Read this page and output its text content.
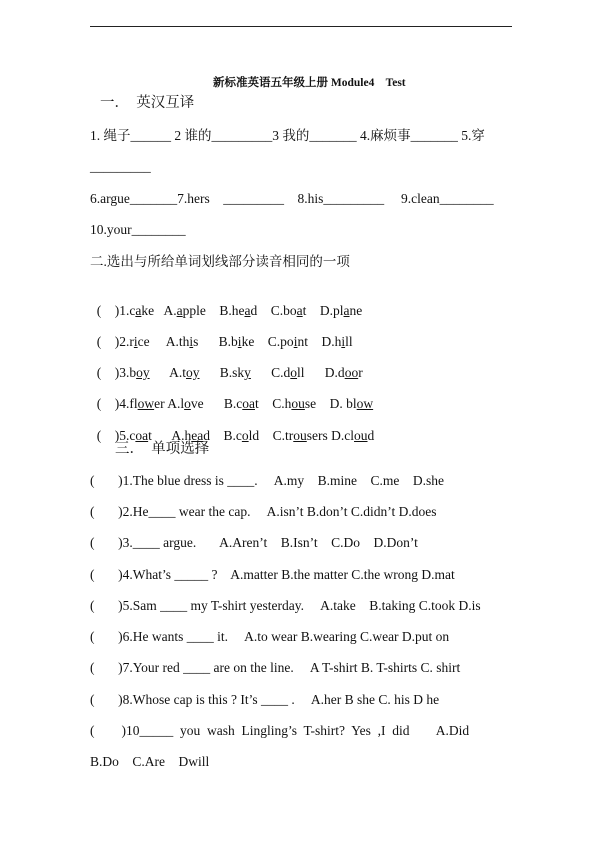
新标准英语五年级上册 Module4    Test
一．  英汉互译
1. 绳子______ 2 谁的_________3 我的_______ 4.麻烦事_______ 5.穿
_________
6.argue_______7.hers    _________    8.his_________     9.clean________
10.your________
二.选出与所给单词划线部分读音相同的一项

(    )1.cake   A.apple    B.head    C.boat    D.plane

(    )2.rice     A.this      B.bike    C.point    D.hill

(    )3.boy      A.toy      B.sky      C.doll      D.door

(    )4.flower A.love      B.coat    C.house    D. blow

(    )5.coat      A.head    B.cold    C.trousers D.cloud

三．  单项选择
(       )1.The blue dress is ____.     A.my    B.mine    C.me    D.she
(       )2.He____ wear the cap.     A.isn’t B.don’t C.didn’t D.does
(       )3.____ argue.       A.Aren’t    B.Isn’t    C.Do    D.Don’t
(       )4.What’s _____ ?    A.matter B.the matter C.the wrong D.mat
(       )5.Sam ____ my T-shirt yesterday.     A.take    B.taking C.took D.is
(       )6.He wants ____ it.     A.to wear B.wearing C.wear D.put on
(       )7.Your red ____ are on the line.     A T-shirt B. T-shirts C. shirt
(       )8.Whose cap is this ? It’s ____ .     A.her B she C. his D he
(        )10_____  you  wash  Lingling’s  T-shirt?  Yes  ,I  did        A.Did
B.Do    C.Are    Dwill
